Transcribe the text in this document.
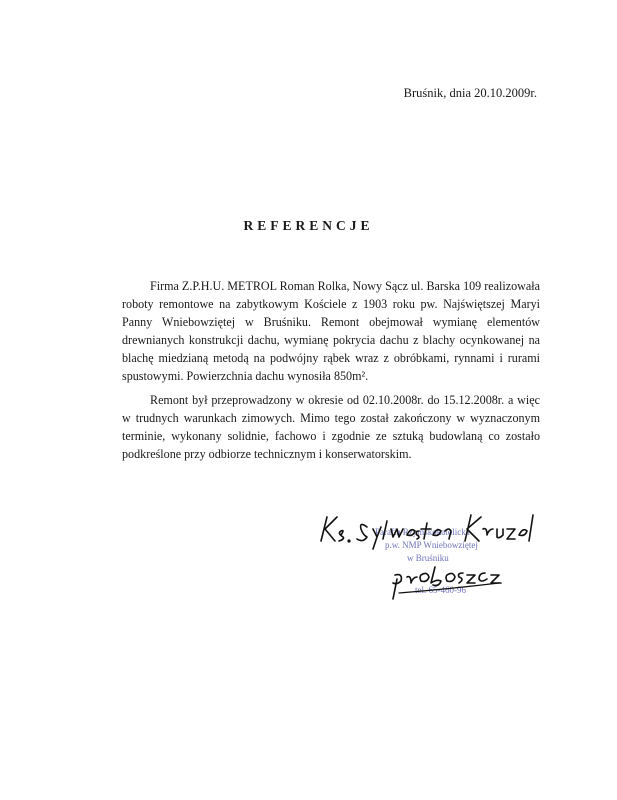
Bruśnik, dnia 20.10.2009r.
REFERENCJE

Firma Z.P.H.U. METROL Roman Rolka, Nowy Sącz ul. Barska 109 realizowała roboty remontowe na zabytkowym Kościele z 1903 roku pw. Najświętszej Maryi Panny Wniebowziętej w Bruśniku. Remont obejmował wymianę elementów drewnianych konstrukcji dachu, wymianę pokrycia dachu z blachy ocynkowanej na blachę miedzianą metodą na podwójny rąbek wraz z obróbkami, rynnami i rurami spustowymi. Powierzchnia dachu wynosiła 850m².

Remont był przeprowadzony w okresie od 02.10.2008r. do 15.12.2008r. a więc w trudnych warunkach zimowych. Mimo tego został zakończony w wyznaczonym terminie, wykonany solidnie, fachowo i zgodnie ze sztuką budowlaną co zostało podkreślone przy odbiorze technicznym i konserwatorskim.

Parafia Rzymskokatolicka
p.w. NMP Wniebowziętej
w Bruśniku
tel. 65-460-96
